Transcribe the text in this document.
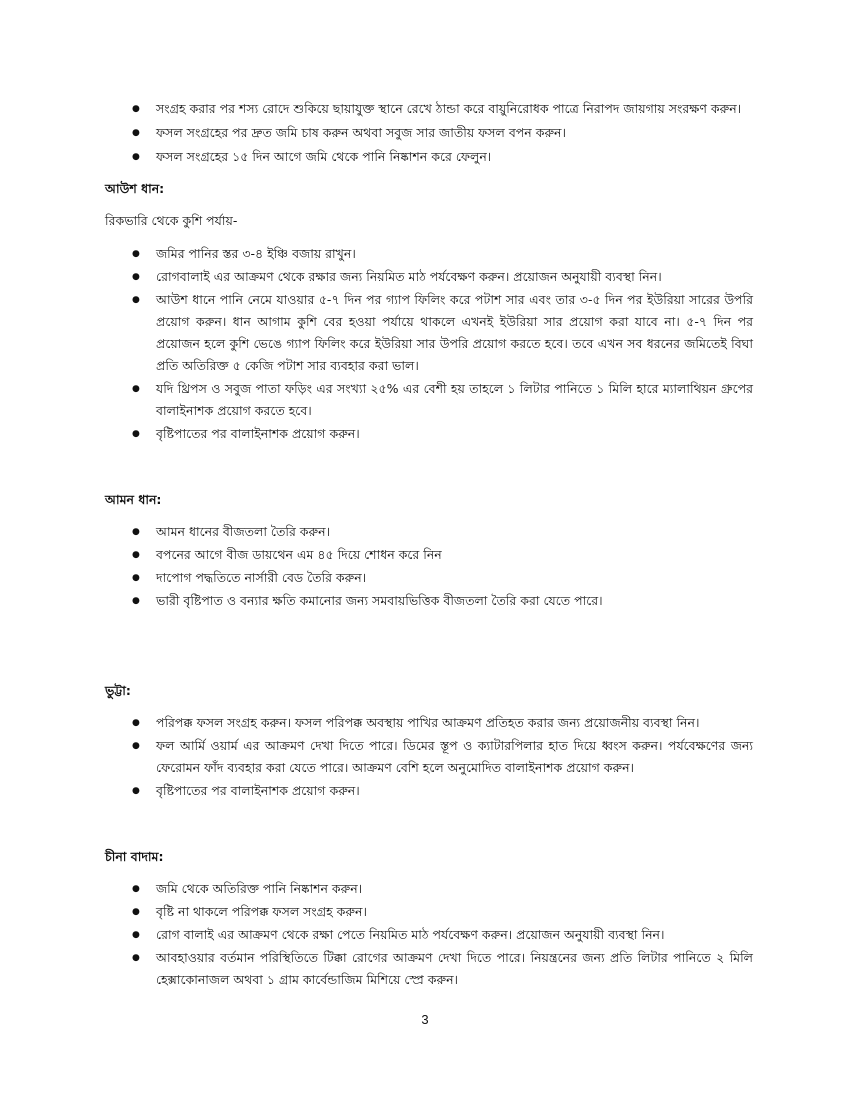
● সংগ্রহ করার পর শস্য রোদে শুকিয়ে ছায়াযুক্ত স্থানে রেখে ঠান্ডা করে বায়ুনিরোধক পাত্রে নিরাপদ জায়গায় সংরক্ষণ করুন।
● ফসল সংগ্রহের পর দ্রুত জমি চাষ করুন অথবা সবুজ সার জাতীয় ফসল বপন করুন।
● ফসল সংগ্রহের ১৫ দিন আগে জমি থেকে পানি নিষ্কাশন করে ফেলুন।

আউশ ধান:

রিকভারি থেকে কুশি পর্যায়-

● জমির পানির স্তর ৩-৪ ইঞ্চি বজায় রাখুন।
● রোগবালাই এর আক্রমণ থেকে রক্ষার জন্য নিয়মিত মাঠ পর্যবেক্ষণ করুন। প্রয়োজন অনুযায়ী ব্যবস্থা নিন।
● আউশ ধানে পানি নেমে যাওয়ার ৫-৭ দিন পর গ্যাপ ফিলিং করে পটাশ সার এবং তার ৩-৫ দিন পর ইউরিয়া সারের উপরি প্রয়োগ করুন। ধান আগাম কুশি বের হওয়া পর্যায়ে থাকলে এখনই ইউরিয়া সার প্রয়োগ করা যাবে না। ৫-৭ দিন পর প্রয়োজন হলে কুশি ভেঙে গ্যাপ ফিলিং করে ইউরিয়া সার উপরি প্রয়োগ করতে হবে। তবে এখন সব ধরনের জমিতেই বিঘা প্রতি অতিরিক্ত ৫ কেজি পটাশ সার ব্যবহার করা ভাল।
● যদি থ্রিপস ও সবুজ পাতা ফড়িং এর সংখ্যা ২৫% এর বেশী হয় তাহলে ১ লিটার পানিতে ১ মিলি হারে ম্যালাথিয়ন গ্রুপের বালাইনাশক প্রয়োগ করতে হবে।
● বৃষ্টিপাতের পর বালাইনাশক প্রয়োগ করুন।

আমন ধান:

● আমন ধানের বীজতলা তৈরি করুন।
● বপনের আগে বীজ ডায়থেন এম ৪৫ দিয়ে শোধন করে নিন
● দাপোগ পদ্ধতিতে নার্সারী বেড তৈরি করুন।
● ভারী বৃষ্টিপাত ও বন্যার ক্ষতি কমানোর জন্য সমবায়ভিত্তিক বীজতলা তৈরি করা যেতে পারে।

ভুট্টা:

● পরিপক্ক ফসল সংগ্রহ করুন। ফসল পরিপক্ক অবস্থায় পাখির আক্রমণ প্রতিহত করার জন্য প্রয়োজনীয় ব্যবস্থা নিন।
● ফল আর্মি ওয়ার্ম এর আক্রমণ দেখা দিতে পারে। ডিমের স্তূপ ও ক্যাটারপিলার হাত দিয়ে ধ্বংস করুন। পর্যবেক্ষণের জন্য ফেরোমন ফাঁদ ব্যবহার করা যেতে পারে। আক্রমণ বেশি হলে অনুমোদিত বালাইনাশক প্রয়োগ করুন।
● বৃষ্টিপাতের পর বালাইনাশক প্রয়োগ করুন।

চীনা বাদাম:

● জমি থেকে অতিরিক্ত পানি নিষ্কাশন করুন।
● বৃষ্টি না থাকলে পরিপক্ক ফসল সংগ্রহ করুন।
● রোগ বালাই এর আক্রমণ থেকে রক্ষা পেতে নিয়মিত মাঠ পর্যবেক্ষণ করুন। প্রয়োজন অনুযায়ী ব্যবস্থা নিন।
● আবহাওয়ার বর্তমান পরিস্থিতিতে টিক্কা রোগের আক্রমণ দেখা দিতে পারে। নিয়ন্ত্রনের জন্য প্রতি লিটার পানিতে ২ মিলি হেক্সাকোনাজল অথবা ১ গ্রাম কার্বেন্ডাজিম মিশিয়ে স্প্রে করুন।
3
